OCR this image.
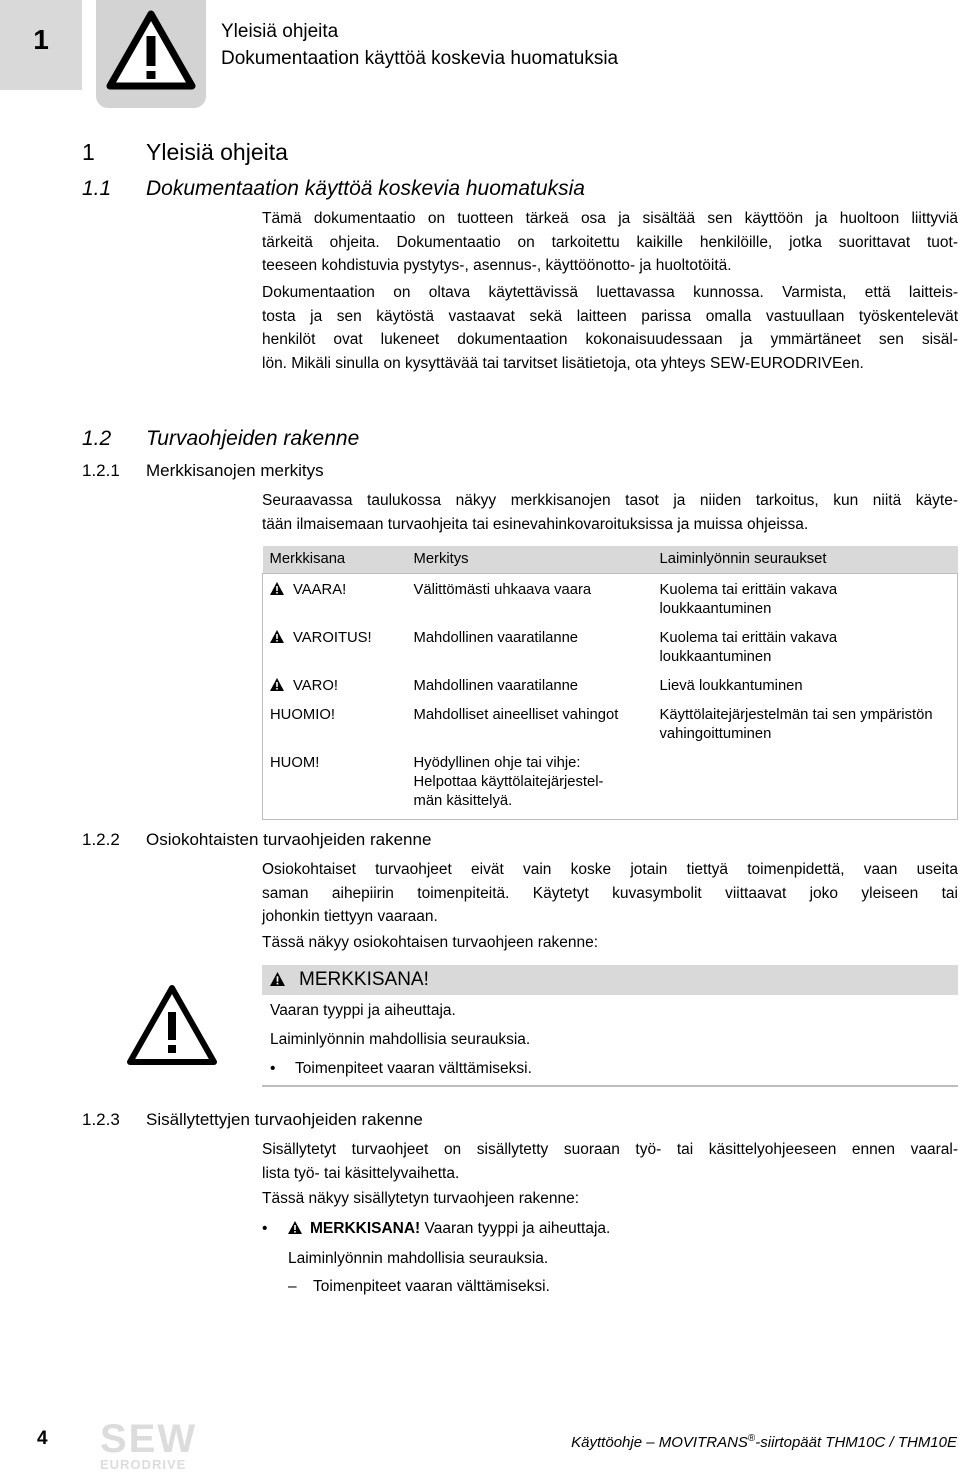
1	Yleisiä ohjeita
Dokumentaation käyttöä koskevia huomatuksia
1 Yleisiä ohjeita
1.1 Dokumentaation käyttöä koskevia huomatuksia
Tämä dokumentaatio on tuotteen tärkeä osa ja sisältää sen käyttöön ja huoltoon liittyviä
tärkeitä ohjeita. Dokumentaatio on tarkoitettu kaikille henkilöille, jotka suorittavat tuot-
teeseen kohdistuvia pystytys-, asennus-, käyttöönotto- ja huoltotöitä.
Dokumentaation on oltava käytettävissä luettavassa kunnossa. Varmista, että laitteis-
tosta ja sen käytöstä vastaavat sekä laitteen parissa omalla vastuullaan työskentelevät
henkilöt ovat lukeneet dokumentaation kokonaisuudessaan ja ymmärtäneet sen sisäl-
lön. Mikäli sinulla on kysyttävää tai tarvitset lisätietoja, ota yhteys SEW-EURODRIVEen.
1.2 Turvaohjeiden rakenne
1.2.1 Merkkisanojen merkitys
Seuraavassa taulukossa näkyy merkkisanojen tasot ja niiden tarkoitus, kun niitä käyte-
tään ilmaisemaan turvaohjeita tai esinevahinkovaroituksissa ja muissa ohjeissa.
Merkkisana	Merkitys	Laiminlyönnin seuraukset

VAARA!	Välittömästi uhkaava vaara	Kuolema tai erittäin vakava loukkaantuminen
VAROITUS!	Mahdollinen vaaratilanne	Kuolema tai erittäin vakava loukkaantuminen
VARO!	Mahdollinen vaaratilanne	Lievä loukkantuminen
HUOMIO!	Mahdolliset aineelliset vahingot	Käyttölaitejärjestelmän tai sen ympäristön vahingoittuminen
HUOM!	Hyödyllinen ohje tai vihje:
Helpottaa käyttölaitejärjestel-
män käsittelyä.	

1.2.2 Osiokohtaisten turvaohjeiden rakenne
Osiokohtaiset turvaohjeet eivät vain koske jotain tiettyä toimenpidettä, vaan useita
saman aihepiirin toimenpiteitä. Käytetyt kuvasymbolit viittaavat joko yleiseen tai
johonkin tiettyyn vaaraan.
Tässä näkyy osiokohtaisen turvaohjeen rakenne:
MERKKISANA!
Vaaran tyyppi ja aiheuttaja.
Laiminlyönnin mahdollisia seurauksia.
• Toimenpiteet vaaran välttämiseksi.
1.2.3 Sisällytettyjen turvaohjeiden rakenne
Sisällytetyt turvaohjeet on sisällytetty suoraan työ- tai käsittelyohjeeseen ennen vaaral-
lista työ- tai käsittelyvaihetta.
Tässä näkyy sisällytetyn turvaohjeen rakenne:
•	MERKKISANA! Vaaran tyyppi ja aiheuttaja.
Laiminlyönnin mahdollisia seurauksia.
– Toimenpiteet vaaran välttämiseksi.
4 SEW
EURODRIVE
Käyttöohje – MOVITRANS®-siirtopäät THM10C / THM10E
